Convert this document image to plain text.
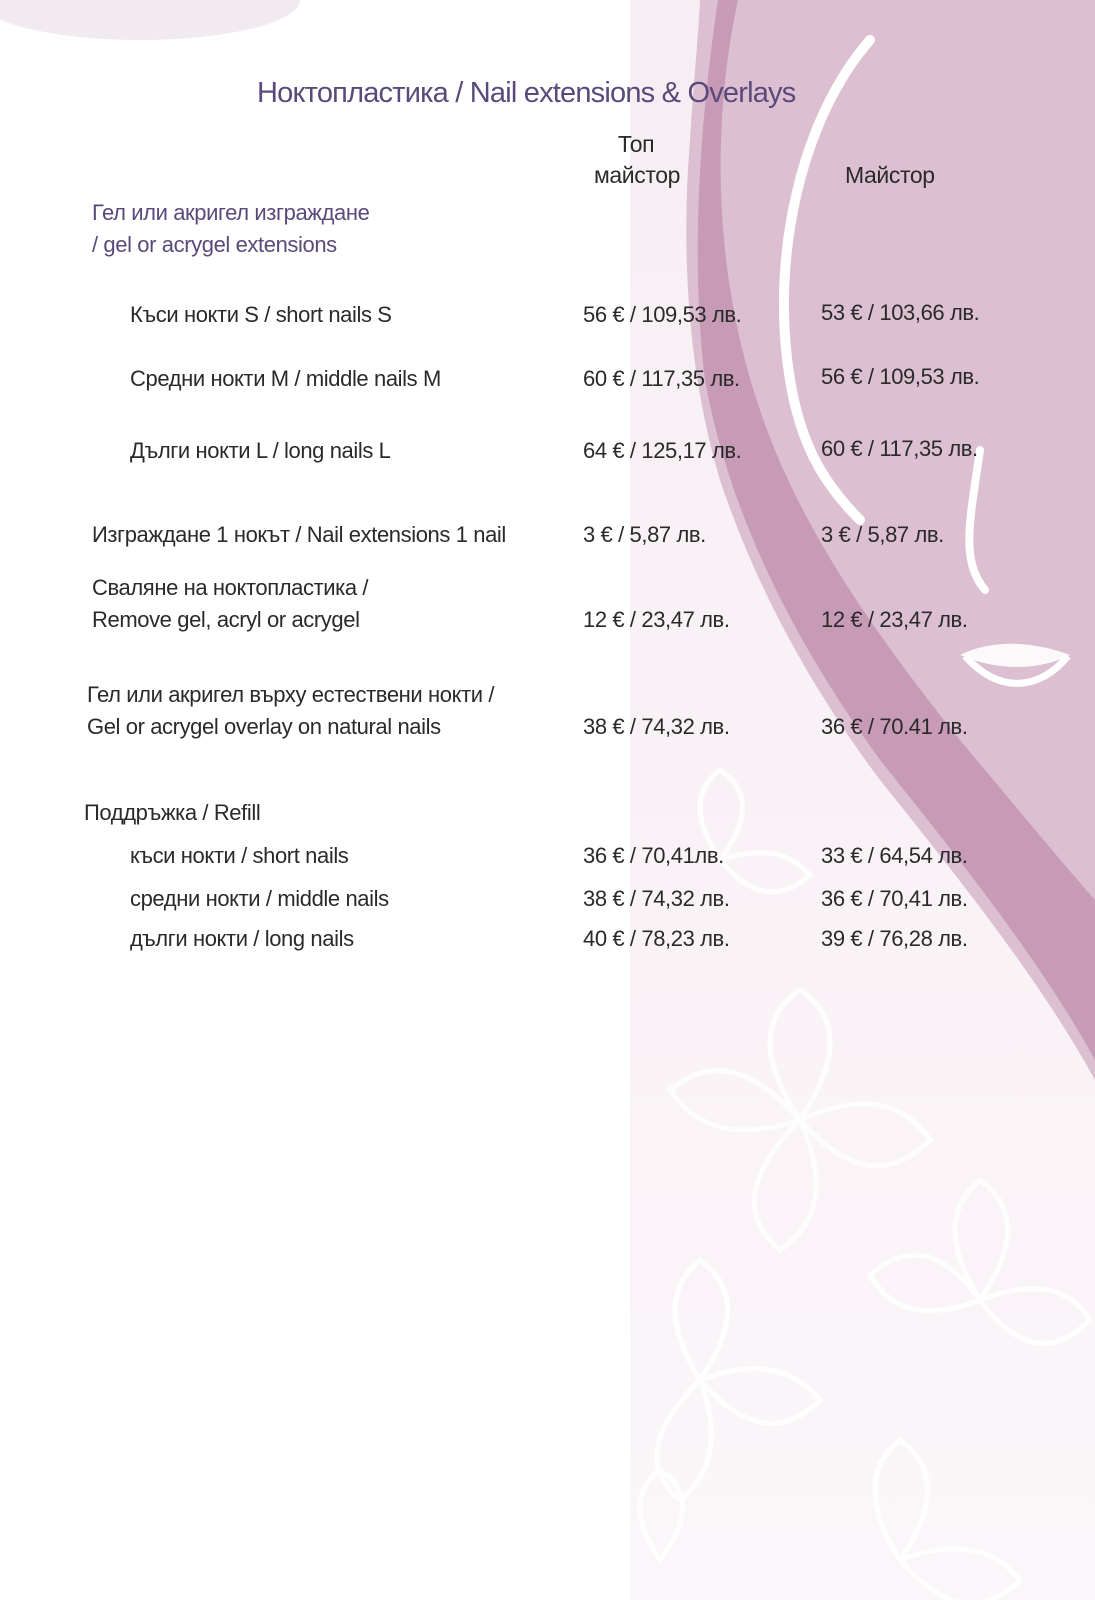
Ноктопластика / Nail extensions & Overlays
Топ
майстор	Майстор
Гел или акригел изграждане
/ gel or acrygel extensions
Къси нокти S / short nails S	56 € / 109,53 лв.	53 € / 103,66 лв.
Средни нокти M / middle nails M	60 € / 117,35 лв.	56 € / 109,53 лв.
Дълги нокти L / long nails L	64 € / 125,17 лв.	60 € / 117,35 лв.
Изграждане 1 нокът / Nail extensions 1 nail	3 € / 5,87 лв.	3 € / 5,87 лв.
Сваляне на ноктопластика /
Remove gel, acryl or acrygel	12 € / 23,47 лв.	12 € / 23,47 лв.
Гел или акригел върху естествени нокти /
Gel or acrygel overlay on natural nails	38 € / 74,32 лв.	36 € / 70.41 лв.
Поддръжка / Refill
къси нокти / short nails	36 € / 70,41лв.	33 € / 64,54 лв.
средни нокти / middle nails	38 € / 74,32 лв.	36 € / 70,41 лв.
дълги нокти / long nails	40 € / 78,23 лв.	39 € / 76,28 лв.
